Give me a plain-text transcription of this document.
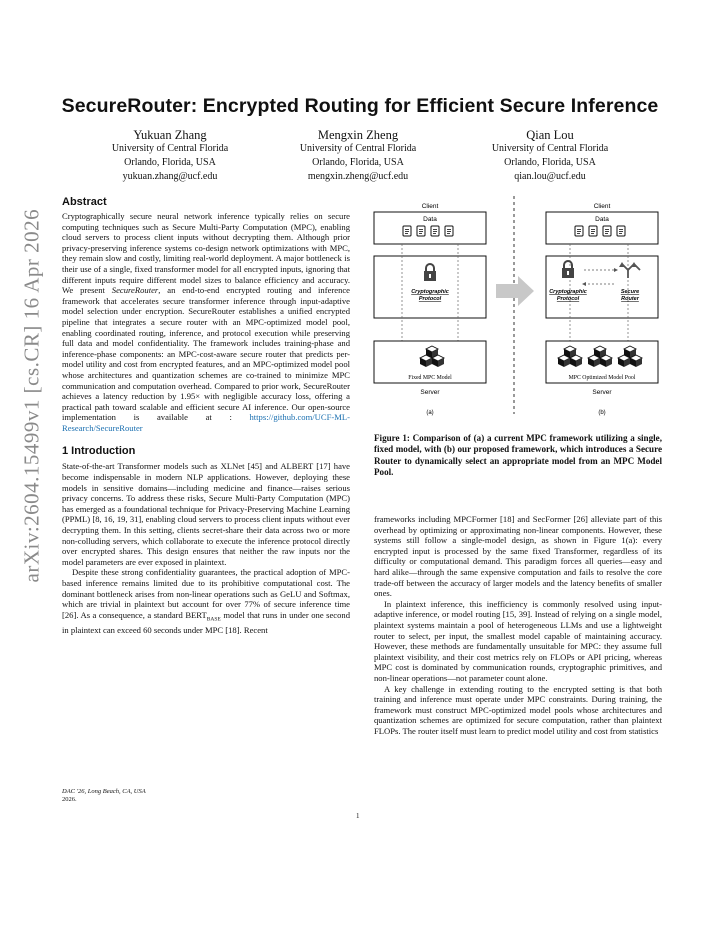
arXiv:2604.15499v1 [cs.CR] 16 Apr 2026
SecureRouter: Encrypted Routing for Efficient Secure Inference
Yukuan Zhang
University of Central Florida
Orlando, Florida, USA
yukuan.zhang@ucf.edu
Mengxin Zheng
University of Central Florida
Orlando, Florida, USA
mengxin.zheng@ucf.edu
Qian Lou
University of Central Florida
Orlando, Florida, USA
qian.lou@ucf.edu
Abstract

Cryptographically secure neural network inference typically relies on secure computing techniques such as Secure Multi-Party Computation (MPC), enabling cloud servers to process client inputs without decrypting them. Although prior privacy-preserving inference systems co-design network optimizations with MPC, they remain slow and costly, limiting real-world deployment. A major bottleneck is their use of a single, fixed transformer model for all encrypted inputs, ignoring that different inputs require different model sizes to balance efficiency and accuracy. We present SecureRouter, an end-to-end encrypted routing and inference framework that accelerates secure transformer inference through input-adaptive model selection under encryption. SecureRouter establishes a unified encrypted pipeline that integrates a secure router with an MPC-optimized model pool, enabling coordinated routing, inference, and protocol execution while preserving full data and model confidentiality. The framework includes training-phase and inference-phase components: an MPC-cost-aware secure router that predicts per-model utility and cost from encrypted features, and an MPC-optimized model pool whose architectures and quantization schemes are co-trained to minimize MPC communication and computation overhead. Compared to prior work, SecureRouter achieves a latency reduction by 1.95× with negligible accuracy loss, offering a practical path toward scalable and efficient secure AI inference. Our open-source implementation is available at : https://github.com/UCF-ML-Research/SecureRouter

1 Introduction

State-of-the-art Transformer models such as XLNet [45] and ALBERT [17] have become indispensable in modern NLP applications. However, deploying these models in sensitive domains—including medicine and finance—raises serious privacy concerns. To address these risks, Secure Multi-Party Computation (MPC) has emerged as a foundational technique for Privacy-Preserving Machine Learning (PPML) [8, 16, 19, 31], enabling cloud servers to process client inputs without ever decrypting them. In this setting, clients secret-share their data across two or more non-colluding servers, which collaborate to execute the inference protocol directly over encrypted shares. This design ensures that neither the raw inputs nor the model parameters are ever exposed in plaintext.

Despite these strong confidentiality guarantees, the practical adoption of MPC-based inference remains limited due to its prohibitive computational cost. The dominant bottleneck arises from non-linear operations such as GeLU and Softmax, which are trivial in plaintext but account for over 77% of secure inference time [26]. As a consequence, a standard $BERT_{BASE}$ model that runs in under one second in plaintext can exceed 60 seconds under MPC [18]. Recent

Client
Data
Cryptographic Protocol
Fixed MPC Model
Server
(a)
Client
Data
Cryptographic Protocol
Secure Router
MPC Optimized Model Pool
Server
(b)
Figure 1: Comparison of (a) a current MPC framework utilizing a single, fixed model, with (b) our proposed framework, which introduces a Secure Router to dynamically select an appropriate model from an MPC Model Pool.

frameworks including MPCFormer [18] and SecFormer [26] alleviate part of this overhead by optimizing or approximating non-linear components. However, these systems still follow a single-model design, as shown in Figure 1(a): every encrypted input is processed by the same fixed Transformer, regardless of its difficulty or computational demand. This paradigm forces all queries—easy and hard alike—through the same expensive computation and fails to resolve the core trade-off between the accuracy of larger models and the latency benefits of smaller ones.

In plaintext inference, this inefficiency is commonly resolved using input-adaptive inference, or model routing [15, 39]. Instead of relying on a single model, plaintext systems maintain a pool of heterogeneous LLMs and use a lightweight router to select, per input, the smallest model capable of maintaining accuracy. However, these methods are fundamentally unsuitable for MPC: they assume full plaintext visibility, and their cost metrics rely on FLOPs or API pricing, whereas MPC cost is dominated by communication rounds, cryptographic primitives, and non-linear operations—not parameter count alone.

A key challenge in extending routing to the encrypted setting is that both training and inference must operate under MPC constraints. During training, the framework must construct MPC-optimized model pools whose architectures and quantization schemes are optimized for secure computation, rather than plaintext FLOPs. The router itself must learn to predict model utility and cost from statistics

DAC '26, Long Beach, CA, USA
2026.
1
